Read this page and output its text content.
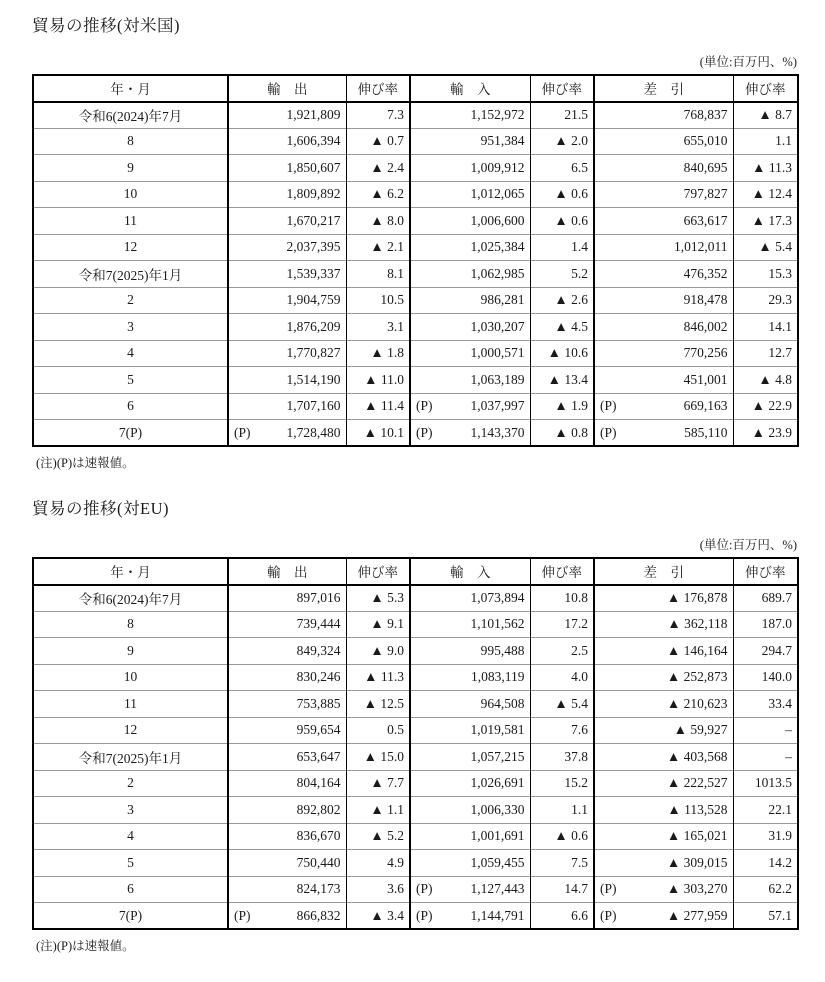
貿易の推移(対米国)
(単位:百万円、%)
年・月	輸　出	伸び率	輸　入	伸び率	差　引	伸び率
令和6(2024)年7月	1,921,809	7.3	1,152,972	21.5	768,837	▲ 8.7
8	1,606,394	▲ 0.7	951,384	▲ 2.0	655,010	1.1
9	1,850,607	▲ 2.4	1,009,912	6.5	840,695	▲ 11.3
10	1,809,892	▲ 6.2	1,012,065	▲ 0.6	797,827	▲ 12.4
11	1,670,217	▲ 8.0	1,006,600	▲ 0.6	663,617	▲ 17.3
12	2,037,395	▲ 2.1	1,025,384	1.4	1,012,011	▲ 5.4
令和7(2025)年1月	1,539,337	8.1	1,062,985	5.2	476,352	15.3
2	1,904,759	10.5	986,281	▲ 2.6	918,478	29.3
3	1,876,209	3.1	1,030,207	▲ 4.5	846,002	14.1
4	1,770,827	▲ 1.8	1,000,571	▲ 10.6	770,256	12.7
5	1,514,190	▲ 11.0	1,063,189	▲ 13.4	451,001	▲ 4.8
6	1,707,160	▲ 11.4	(P) 1,037,997	▲ 1.9	(P) 669,163	▲ 22.9
7(P)	(P) 1,728,480	▲ 10.1	(P) 1,143,370	▲ 0.8	(P) 585,110	▲ 23.9
(注)(P)は速報値。
貿易の推移(対EU)
(単位:百万円、%)
年・月	輸　出	伸び率	輸　入	伸び率	差　引	伸び率
令和6(2024)年7月	897,016	▲ 5.3	1,073,894	10.8	▲ 176,878	689.7
8	739,444	▲ 9.1	1,101,562	17.2	▲ 362,118	187.0
9	849,324	▲ 9.0	995,488	2.5	▲ 146,164	294.7
10	830,246	▲ 11.3	1,083,119	4.0	▲ 252,873	140.0
11	753,885	▲ 12.5	964,508	▲ 5.4	▲ 210,623	33.4
12	959,654	0.5	1,019,581	7.6	▲ 59,927	–
令和7(2025)年1月	653,647	▲ 15.0	1,057,215	37.8	▲ 403,568	–
2	804,164	▲ 7.7	1,026,691	15.2	▲ 222,527	1013.5
3	892,802	▲ 1.1	1,006,330	1.1	▲ 113,528	22.1
4	836,670	▲ 5.2	1,001,691	▲ 0.6	▲ 165,021	31.9
5	750,440	4.9	1,059,455	7.5	▲ 309,015	14.2
6	824,173	3.6	(P) 1,127,443	14.7	(P) ▲ 303,270	62.2
7(P)	(P) 866,832	▲ 3.4	(P) 1,144,791	6.6	(P) ▲ 277,959	57.1
(注)(P)は速報値。
